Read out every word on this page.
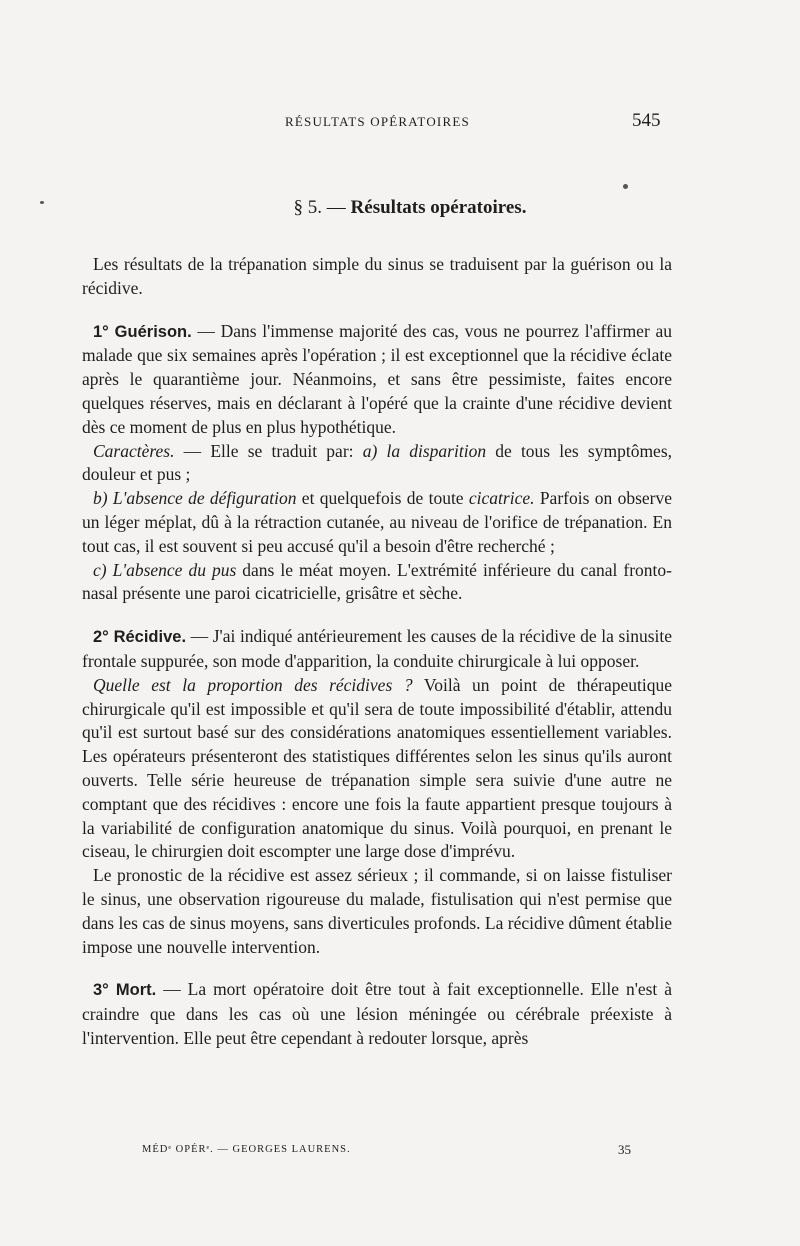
RÉSULTATS OPÉRATOIRES	545
§ 5. — Résultats opératoires.

Les résultats de la trépanation simple du sinus se traduisent par la guérison ou la récidive.

1° Guérison. — Dans l'immense majorité des cas, vous ne pourrez l'affirmer au malade que six semaines après l'opération ; il est exceptionnel que la récidive éclate après le quarantième jour. Néanmoins, et sans être pessimiste, faites encore quelques réserves, mais en déclarant à l'opéré que la crainte d'une récidive devient dès ce moment de plus en plus hypothétique.

Caractères. — Elle se traduit par: a) la disparition de tous les symptômes, douleur et pus ;

b) L'absence de défiguration et quelquefois de toute cicatrice. Parfois on observe un léger méplat, dû à la rétraction cutanée, au niveau de l'orifice de trépanation. En tout cas, il est souvent si peu accusé qu'il a besoin d'être recherché ;

c) L'absence du pus dans le méat moyen. L'extrémité inférieure du canal fronto-nasal présente une paroi cicatricielle, grisâtre et sèche.

2° Récidive. — J'ai indiqué antérieurement les causes de la récidive de la sinusite frontale suppurée, son mode d'apparition, la conduite chirurgicale à lui opposer.

Quelle est la proportion des récidives ? Voilà un point de thérapeutique chirurgicale qu'il est impossible et qu'il sera de toute impossibilité d'établir, attendu qu'il est surtout basé sur des considérations anatomiques essentiellement variables. Les opérateurs présenteront des statistiques différentes selon les sinus qu'ils auront ouverts. Telle série heureuse de trépanation simple sera suivie d'une autre ne comptant que des récidives : encore une fois la faute appartient presque toujours à la variabilité de configuration anatomique du sinus. Voilà pourquoi, en prenant le ciseau, le chirurgien doit escompter une large dose d'imprévu.

Le pronostic de la récidive est assez sérieux ; il commande, si on laisse fistuliser le sinus, une observation rigoureuse du malade, fistulisation qui n'est permise que dans les cas de sinus moyens, sans diverticules profonds. La récidive dûment établie impose une nouvelle intervention.

3° Mort. — La mort opératoire doit être tout à fait exceptionnelle. Elle n'est à craindre que dans les cas où une lésion méningée ou cérébrale préexiste à l'intervention. Elle peut être cependant à redouter lorsque, après

MÉDᵉ OPÉRᵉ. — GEORGES LAURENS.	35
